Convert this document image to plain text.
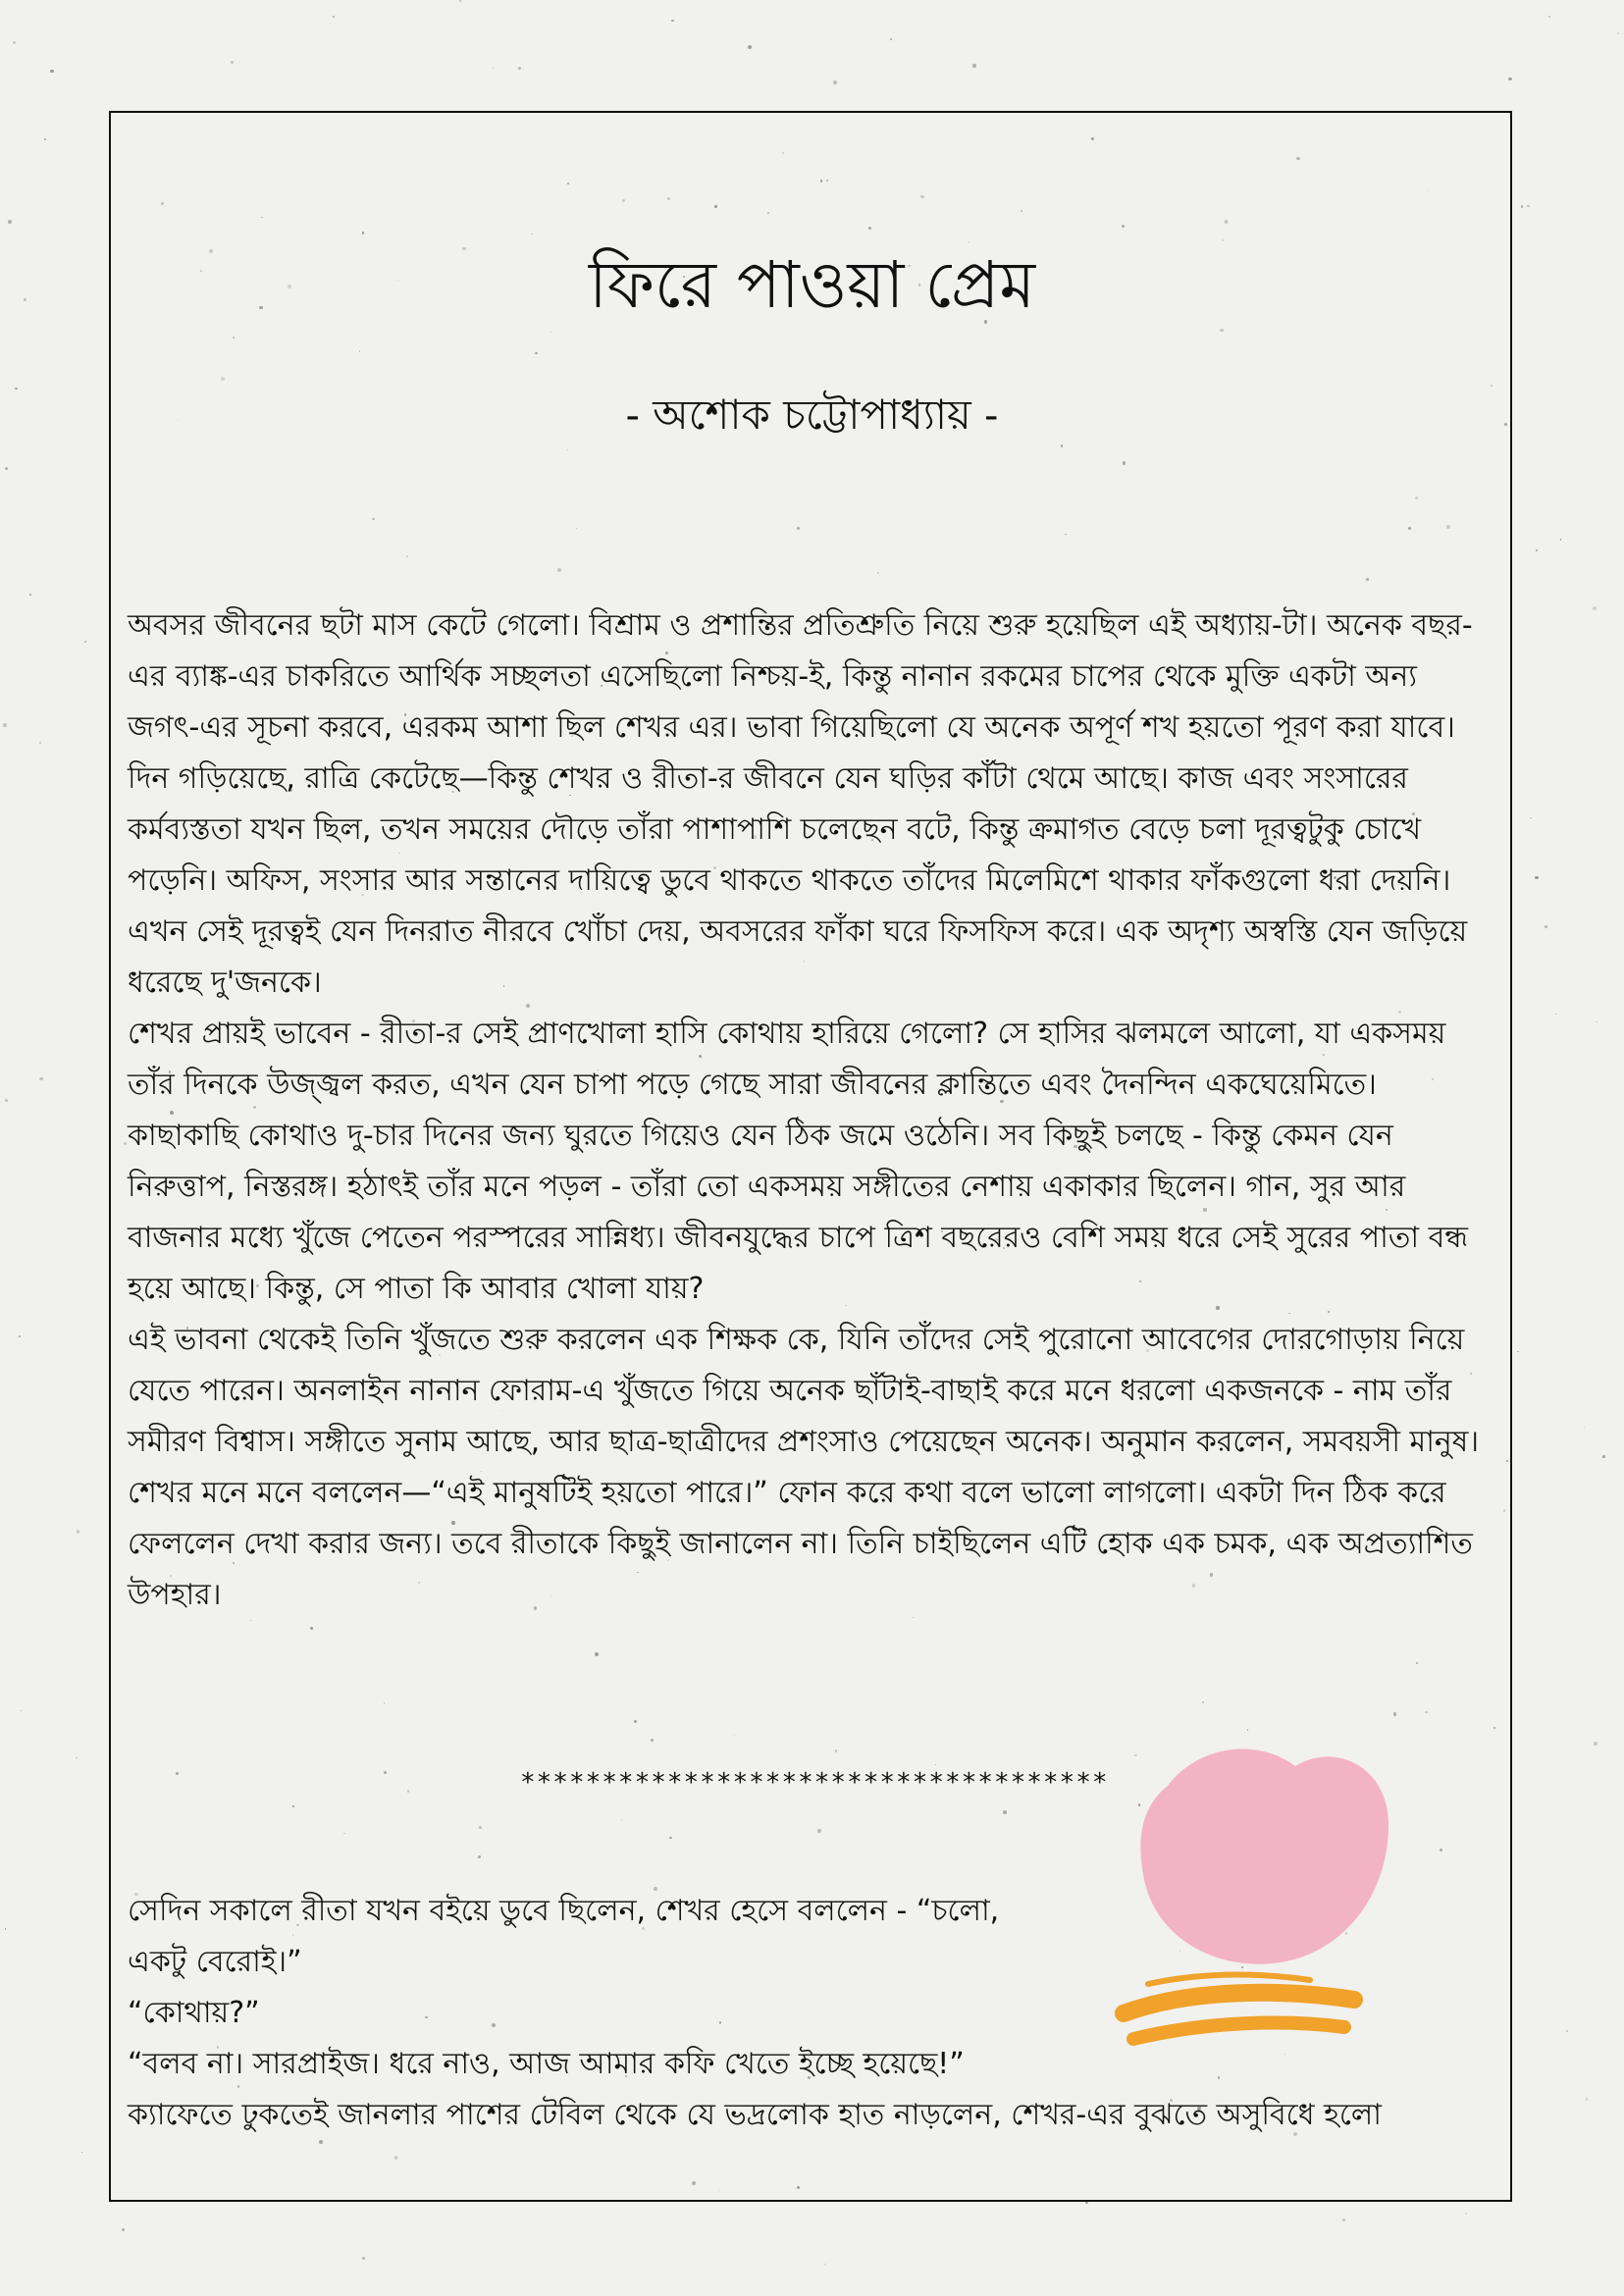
ফিরে পাওয়া প্রেম
- অশোক চট্টোপাধ্যায় -

অবসর জীবনের ছটা মাস কেটে গেলো। বিশ্রাম ও প্রশান্তির প্রতিশ্রুতি নিয়ে শুরু হয়েছিল এই অধ্যায়-টা। অনেক বছর-এর ব্যাঙ্ক-এর চাকরিতে আর্থিক সচ্ছলতা এসেছিলো নিশ্চয়-ই, কিন্তু নানান রকমের চাপের থেকে মুক্তি একটা অন্য জগৎ-এর সূচনা করবে, এরকম আশা ছিল শেখর এর। ভাবা গিয়েছিলো যে অনেক অপূর্ণ শখ হয়তো পূরণ করা যাবে।

দিন গড়িয়েছে, রাত্রি কেটেছে—কিন্তু শেখর ও রীতা-র জীবনে যেন ঘড়ির কাঁটা থেমে আছে। কাজ এবং সংসারের কর্মব্যস্ততা যখন ছিল, তখন সময়ের দৌড়ে তাঁরা পাশাপাশি চলেছেন বটে, কিন্তু ক্রমাগত বেড়ে চলা দূরত্বটুকু চোখে পড়েনি। অফিস, সংসার আর সন্তানের দায়িত্বে ডুবে থাকতে থাকতে তাঁদের মিলেমিশে থাকার ফাঁকগুলো ধরা দেয়নি। এখন সেই দূরত্বই যেন দিনরাত নীরবে খোঁচা দেয়, অবসরের ফাঁকা ঘরে ফিসফিস করে। এক অদৃশ্য অস্বস্তি যেন জড়িয়ে ধরেছে দু'জনকে।

শেখর প্রায়ই ভাবেন - রীতা-র সেই প্রাণখোলা হাসি কোথায় হারিয়ে গেলো? সে হাসির ঝলমলে আলো, যা একসময় তাঁর দিনকে উজ্জ্বল করত, এখন যেন চাপা পড়ে গেছে সারা জীবনের ক্লান্তিতে এবং দৈনন্দিন একঘেয়েমিতে। কাছাকাছি কোথাও দু-চার দিনের জন্য ঘুরতে গিয়েও যেন ঠিক জমে ওঠেনি। সব কিছুই চলছে - কিন্তু কেমন যেন নিরুত্তাপ, নিস্তরঙ্গ। হঠাৎই তাঁর মনে পড়ল - তাঁরা তো একসময় সঙ্গীতের নেশায় একাকার ছিলেন। গান, সুর আর বাজনার মধ্যে খুঁজে পেতেন পরস্পরের সান্নিধ্য। জীবনযুদ্ধের চাপে ত্রিশ বছরেরও বেশি সময় ধরে সেই সুরের পাতা বন্ধ হয়ে আছে। কিন্তু, সে পাতা কি আবার খোলা যায়?

এই ভাবনা থেকেই তিনি খুঁজতে শুরু করলেন এক শিক্ষক কে, যিনি তাঁদের সেই পুরোনো আবেগের দোরগোড়ায় নিয়ে যেতে পারেন। অনলাইন নানান ফোরাম-এ খুঁজতে গিয়ে অনেক ছাঁটাই-বাছাই করে মনে ধরলো একজনকে - নাম তাঁর সমীরণ বিশ্বাস। সঙ্গীতে সুনাম আছে, আর ছাত্র-ছাত্রীদের প্রশংসাও পেয়েছেন অনেক। অনুমান করলেন, সমবয়সী মানুষ। শেখর মনে মনে বললেন—“এই মানুষটিই হয়তো পারে।” ফোন করে কথা বলে ভালো লাগলো। একটা দিন ঠিক করে ফেললেন দেখা করার জন্য। তবে রীতাকে কিছুই জানালেন না। তিনি চাইছিলেন এটি হোক এক চমক, এক অপ্রত্যাশিত উপহার।

************************************

সেদিন সকালে রীতা যখন বইয়ে ডুবে ছিলেন, শেখর হেসে বললেন - “চলো, একটু বেরোই।”

“কোথায়?”

“বলব না। সারপ্রাইজ। ধরে নাও, আজ আমার কফি খেতে ইচ্ছে হয়েছে!”

ক্যাফেতে ঢুকতেই জানলার পাশের টেবিল থেকে যে ভদ্রলোক হাত নাড়লেন, শেখর-এর বুঝতে অসুবিধে হলো
